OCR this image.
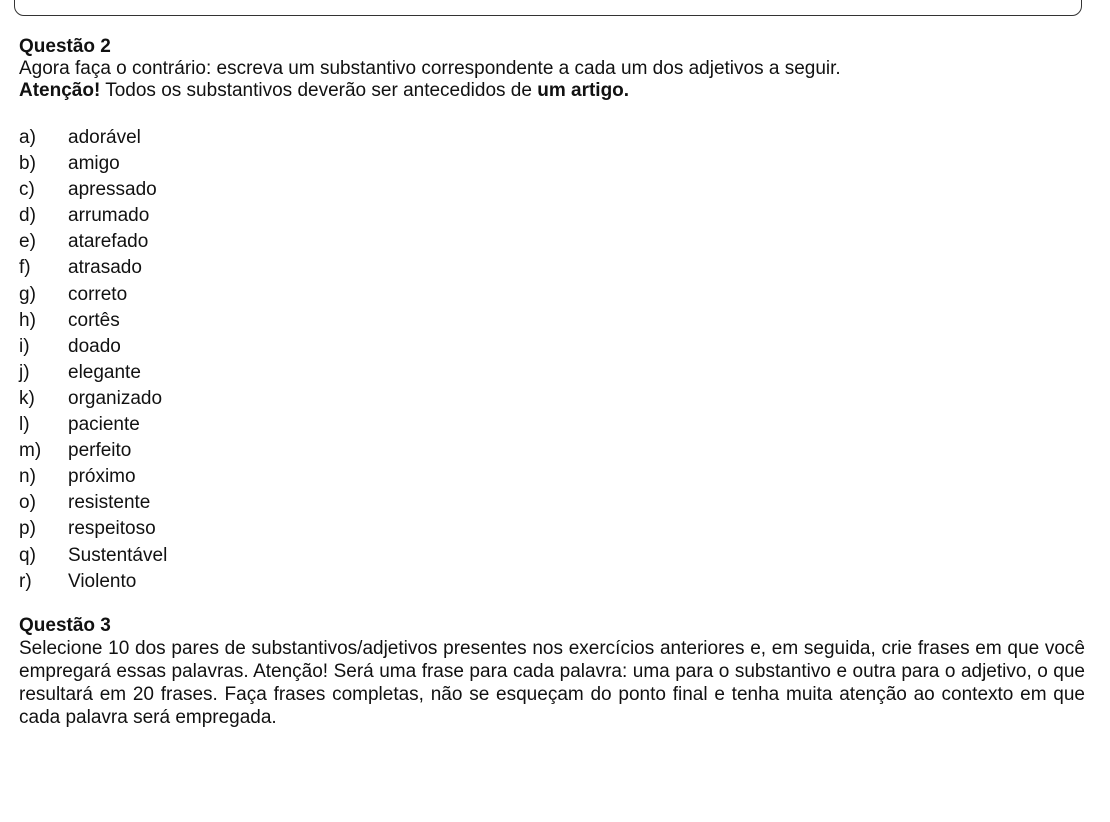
Questão 2

Agora faça o contrário: escreva um substantivo correspondente a cada um dos adjetivos a seguir.

Atenção! Todos os substantivos deverão ser antecedidos de um artigo.

a)	adorável
b)	amigo
c)	apressado
d)	arrumado
e)	atarefado
f)	atrasado
g)	correto
h)	cortês
i)	doado
j)	elegante
k)	organizado
l)	paciente
m)	perfeito
n)	próximo
o)	resistente
p)	respeitoso
q)	Sustentável
r)	Violento

Questão 3

Selecione 10 dos pares de substantivos/adjetivos presentes nos exercícios anteriores e, em seguida, crie frases em que você empregará essas palavras. Atenção! Será uma frase para cada palavra: uma para o substantivo e outra para o adjetivo, o que resultará em 20 frases. Faça frases completas, não se esqueçam do ponto final e tenha muita atenção ao contexto em que cada palavra será empregada.
